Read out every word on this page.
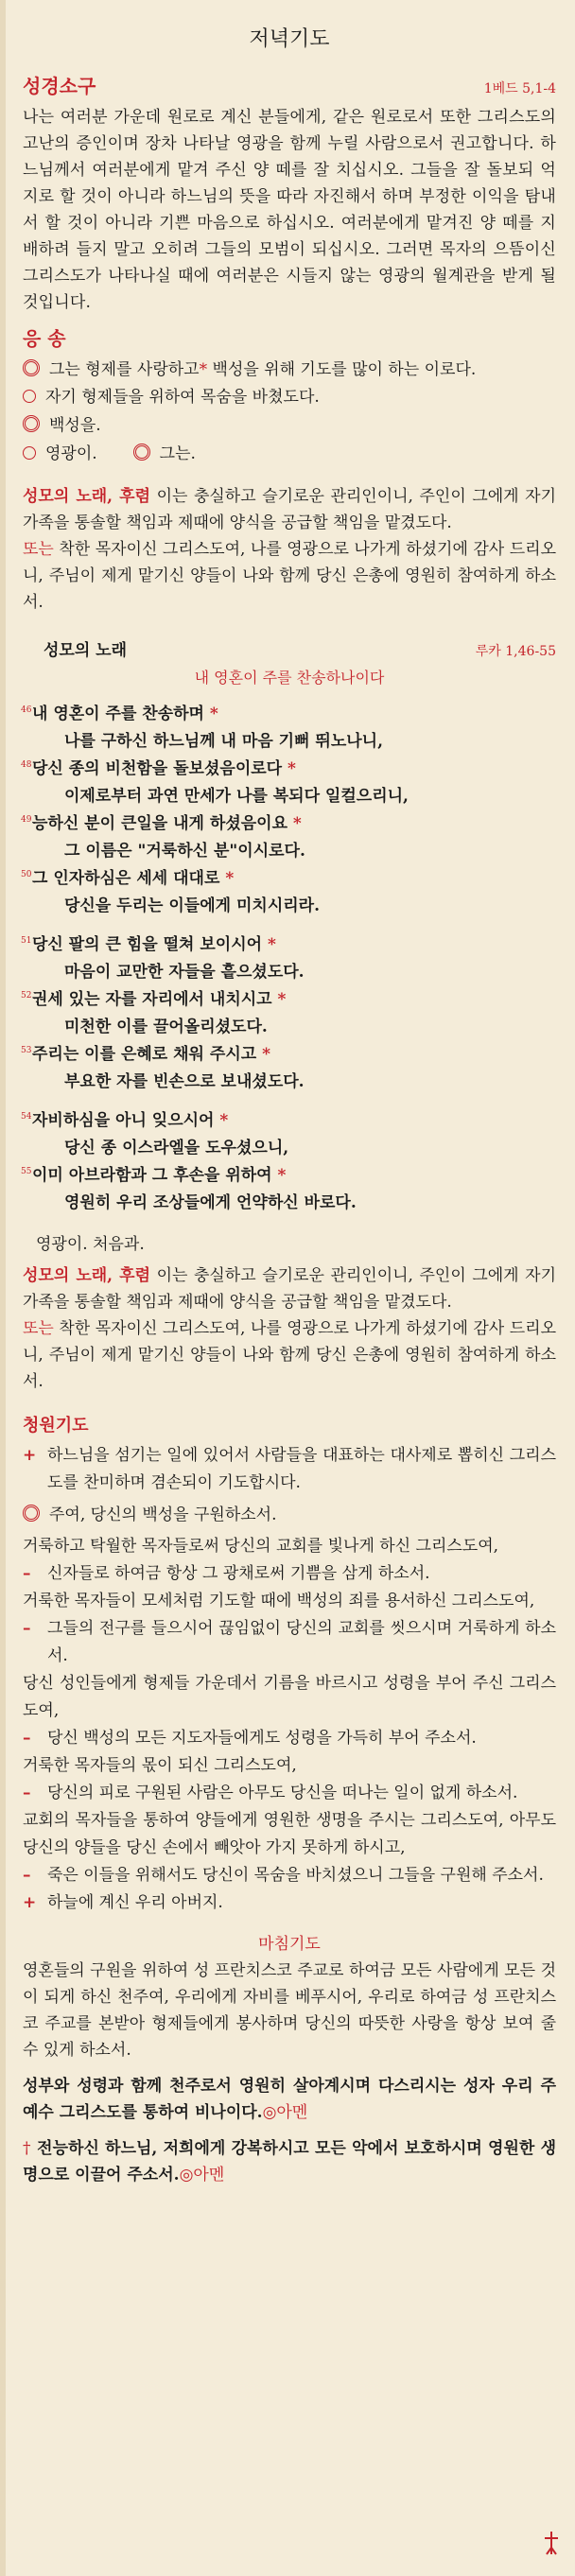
저녁기도
성경소구	1베드 5,1-4

나는 여러분 가운데 원로로 계신 분들에게, 같은 원로로서 또한 그리스도의 고난의 증인이며 장차 나타날 영광을 함께 누릴 사람으로서 권고합니다. 하느님께서 여러분에게 맡겨 주신 양 떼를 잘 치십시오. 그들을 잘 돌보되 억지로 할 것이 아니라 하느님의 뜻을 따라 자진해서 하며 부정한 이익을 탐내서 할 것이 아니라 기쁜 마음으로 하십시오. 여러분에게 맡겨진 양 떼를 지배하려 들지 말고 오히려 그들의 모범이 되십시오. 그러면 목자의 으뜸이신 그리스도가 나타나실 때에 여러분은 시들지 않는 영광의 월계관을 받게 될 것입니다.

응 송

그는 형제를 사랑하고* 백성을 위해 기도를 많이 하는 이로다.

자기 형제들을 위하여 목숨을 바쳤도다.

백성을.

영광이.	그는.

성모의 노래, 후렴 이는 충실하고 슬기로운 관리인이니, 주인이 그에게 자기 가족을 통솔할 책임과 제때에 양식을 공급할 책임을 맡겼도다.

또는 착한 목자이신 그리스도여, 나를 영광으로 나가게 하셨기에 감사 드리오니, 주님이 제게 맡기신 양들이 나와 함께 당신 은총에 영원히 참여하게 하소서.

성모의 노래	루카 1,46-55
내 영혼이 주를 찬송하나이다
46 내 영혼이 주를 찬송하며 *
나를 구하신 하느님께 내 마음 기뻐 뛰노나니,
48 당신 종의 비천함을 돌보셨음이로다 *
이제로부터 과연 만세가 나를 복되다 일컬으리니,
49 능하신 분이 큰일을 내게 하셨음이요 *
그 이름은 "거룩하신 분"이시로다.
50 그 인자하심은 세세 대대로 *
당신을 두리는 이들에게 미치시리라.
51 당신 팔의 큰 힘을 떨쳐 보이시어 *
마음이 교만한 자들을 흩으셨도다.
52 권세 있는 자를 자리에서 내치시고 *
미천한 이를 끌어올리셨도다.
53 주리는 이를 은혜로 채워 주시고 *
부요한 자를 빈손으로 보내셨도다.
54 자비하심을 아니 잊으시어 *
당신 종 이스라엘을 도우셨으니,
55 이미 아브라함과 그 후손을 위하여 *
영원히 우리 조상들에게 언약하신 바로다.

영광이. 처음과.

성모의 노래, 후렴 이는 충실하고 슬기로운 관리인이니, 주인이 그에게 자기 가족을 통솔할 책임과 제때에 양식을 공급할 책임을 맡겼도다.

또는 착한 목자이신 그리스도여, 나를 영광으로 나가게 하셨기에 감사 드리오니, 주님이 제게 맡기신 양들이 나와 함께 당신 은총에 영원히 참여하게 하소서.

청원기도
+ 하느님을 섬기는 일에 있어서 사람들을 대표하는 대사제로 뽑히신 그리스도를 찬미하며 겸손되이 기도합시다.

주여, 당신의 백성을 구원하소서.

거룩하고 탁월한 목자들로써 당신의 교회를 빛나게 하신 그리스도여,

–	신자들로 하여금 항상 그 광채로써 기쁨을 삼게 하소서.

거룩한 목자들이 모세처럼 기도할 때에 백성의 죄를 용서하신 그리스도여,

–	그들의 전구를 들으시어 끊임없이 당신의 교회를 씻으시며 거룩하게 하소서.

당신 성인들에게 형제들 가운데서 기름을 바르시고 성령을 부어 주신 그리스도여,

–	당신 백성의 모든 지도자들에게도 성령을 가득히 부어 주소서.

거룩한 목자들의 몫이 되신 그리스도여,

–	당신의 피로 구원된 사람은 아무도 당신을 떠나는 일이 없게 하소서.

교회의 목자들을 통하여 양들에게 영원한 생명을 주시는 그리스도여, 아무도 당신의 양들을 당신 손에서 빼앗아 가지 못하게 하시고,

–	죽은 이들을 위해서도 당신이 목숨을 바치셨으니 그들을 구원해 주소서.
+ 하늘에 계신 우리 아버지.
마침기도

영혼들의 구원을 위하여 성 프란치스코 주교로 하여금 모든 사람에게 모든 것이 되게 하신 천주여, 우리에게 자비를 베푸시어, 우리로 하여금 성 프란치스코 주교를 본받아 형제들에게 봉사하며 당신의 따뜻한 사랑을 항상 보여 줄 수 있게 하소서.

성부와 성령과 함께 천주로서 영원히 살아계시며 다스리시는 성자 우리 주 예수 그리스도를 통하여 비나이다.◎아멘

† 전능하신 하느님, 저희에게 강복하시고 모든 악에서 보호하시며 영원한 생명으로 이끌어 주소서.◎아멘
